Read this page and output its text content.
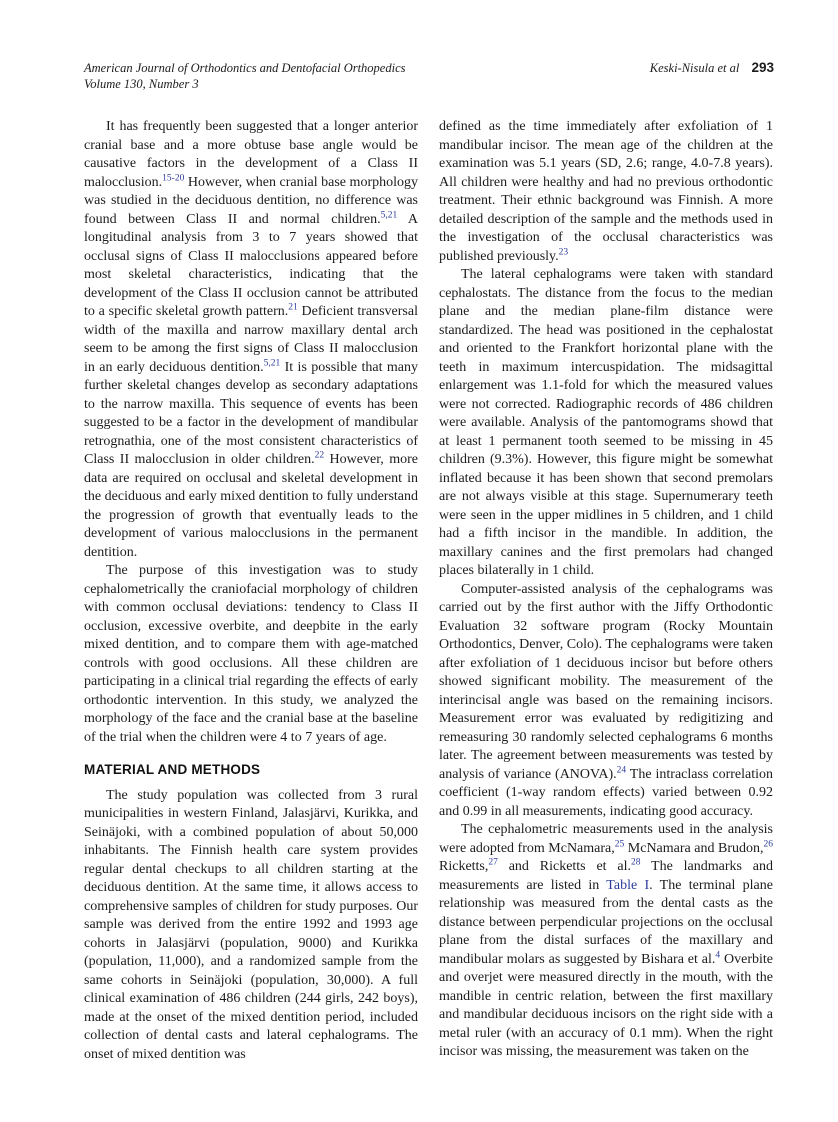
American Journal of Orthodontics and Dentofacial Orthopedics
Volume 130, Number 3
Keski-Nisula et al 293

It has frequently been suggested that a longer anterior cranial base and a more obtuse base angle would be causative factors in the development of a Class II malocclusion.$^{15-20}$ However, when cranial base morphology was studied in the deciduous dentition, no difference was found between Class II and normal children.$^{5,21}$ A longitudinal analysis from 3 to 7 years showed that occlusal signs of Class II malocclusions appeared before most skeletal characteristics, indicating that the development of the Class II occlusion cannot be attributed to a specific skeletal growth pattern.$^{21}$ Deficient transversal width of the maxilla and narrow maxillary dental arch seem to be among the first signs of Class II malocclusion in an early deciduous dentition.$^{5,21}$ It is possible that many further skeletal changes develop as secondary adaptations to the narrow maxilla. This sequence of events has been suggested to be a factor in the development of mandibular retrognathia, one of the most consistent characteristics of Class II malocclusion in older children.$^{22}$ However, more data are required on occlusal and skeletal development in the deciduous and early mixed dentition to fully understand the progression of growth that eventually leads to the development of various malocclusions in the permanent dentition.

The purpose of this investigation was to study cephalometrically the craniofacial morphology of children with common occlusal deviations: tendency to Class II occlusion, excessive overbite, and deepbite in the early mixed dentition, and to compare them with age-matched controls with good occlusions. All these children are participating in a clinical trial regarding the effects of early orthodontic intervention. In this study, we analyzed the morphology of the face and the cranial base at the baseline of the trial when the children were 4 to 7 years of age.

MATERIAL AND METHODS

The study population was collected from 3 rural municipalities in western Finland, Jalasjärvi, Kurikka, and Seinäjoki, with a combined population of about 50,000 inhabitants. The Finnish health care system provides regular dental checkups to all children starting at the deciduous dentition. At the same time, it allows access to comprehensive samples of children for study purposes. Our sample was derived from the entire 1992 and 1993 age cohorts in Jalasjärvi (population, 9000) and Kurikka (population, 11,000), and a randomized sample from the same cohorts in Seinäjoki (population, 30,000). A full clinical examination of 486 children (244 girls, 242 boys), made at the onset of the mixed dentition period, included collection of dental casts and lateral cephalograms. The onset of mixed dentition was

defined as the time immediately after exfoliation of 1 mandibular incisor. The mean age of the children at the examination was 5.1 years (SD, 2.6; range, 4.0-7.8 years). All children were healthy and had no previous orthodontic treatment. Their ethnic background was Finnish. A more detailed description of the sample and the methods used in the investigation of the occlusal characteristics was published previously.$^{23}$

The lateral cephalograms were taken with standard cephalostats. The distance from the focus to the median plane and the median plane-film distance were standardized. The head was positioned in the cephalostat and oriented to the Frankfort horizontal plane with the teeth in maximum intercuspidation. The midsagittal enlargement was 1.1-fold for which the measured values were not corrected. Radiographic records of 486 children were available. Analysis of the pantomograms showd that at least 1 permanent tooth seemed to be missing in 45 children (9.3%). However, this figure might be somewhat inflated because it has been shown that second premolars are not always visible at this stage. Supernumerary teeth were seen in the upper midlines in 5 children, and 1 child had a fifth incisor in the mandible. In addition, the maxillary canines and the first premolars had changed places bilaterally in 1 child.

Computer-assisted analysis of the cephalograms was carried out by the first author with the Jiffy Orthodontic Evaluation 32 software program (Rocky Mountain Orthodontics, Denver, Colo). The cephalograms were taken after exfoliation of 1 deciduous incisor but before others showed significant mobility. The measurement of the interincisal angle was based on the remaining incisors. Measurement error was evaluated by redigitizing and remeasuring 30 randomly selected cephalograms 6 months later. The agreement between measurements was tested by analysis of variance (ANOVA).$^{24}$ The intraclass correlation coefficient (1-way random effects) varied between 0.92 and 0.99 in all measurements, indicating good accuracy.

The cephalometric measurements used in the analysis were adopted from McNamara,$^{25}$ McNamara and Brudon,$^{26}$ Ricketts,$^{27}$ and Ricketts et al.$^{28}$ The landmarks and measurements are listed in Table I. The terminal plane relationship was measured from the dental casts as the distance between perpendicular projections on the occlusal plane from the distal surfaces of the maxillary and mandibular molars as suggested by Bishara et al.$^4$ Overbite and overjet were measured directly in the mouth, with the mandible in centric relation, between the first maxillary and mandibular deciduous incisors on the right side with a metal ruler (with an accuracy of 0.1 mm). When the right incisor was missing, the measurement was taken on the
